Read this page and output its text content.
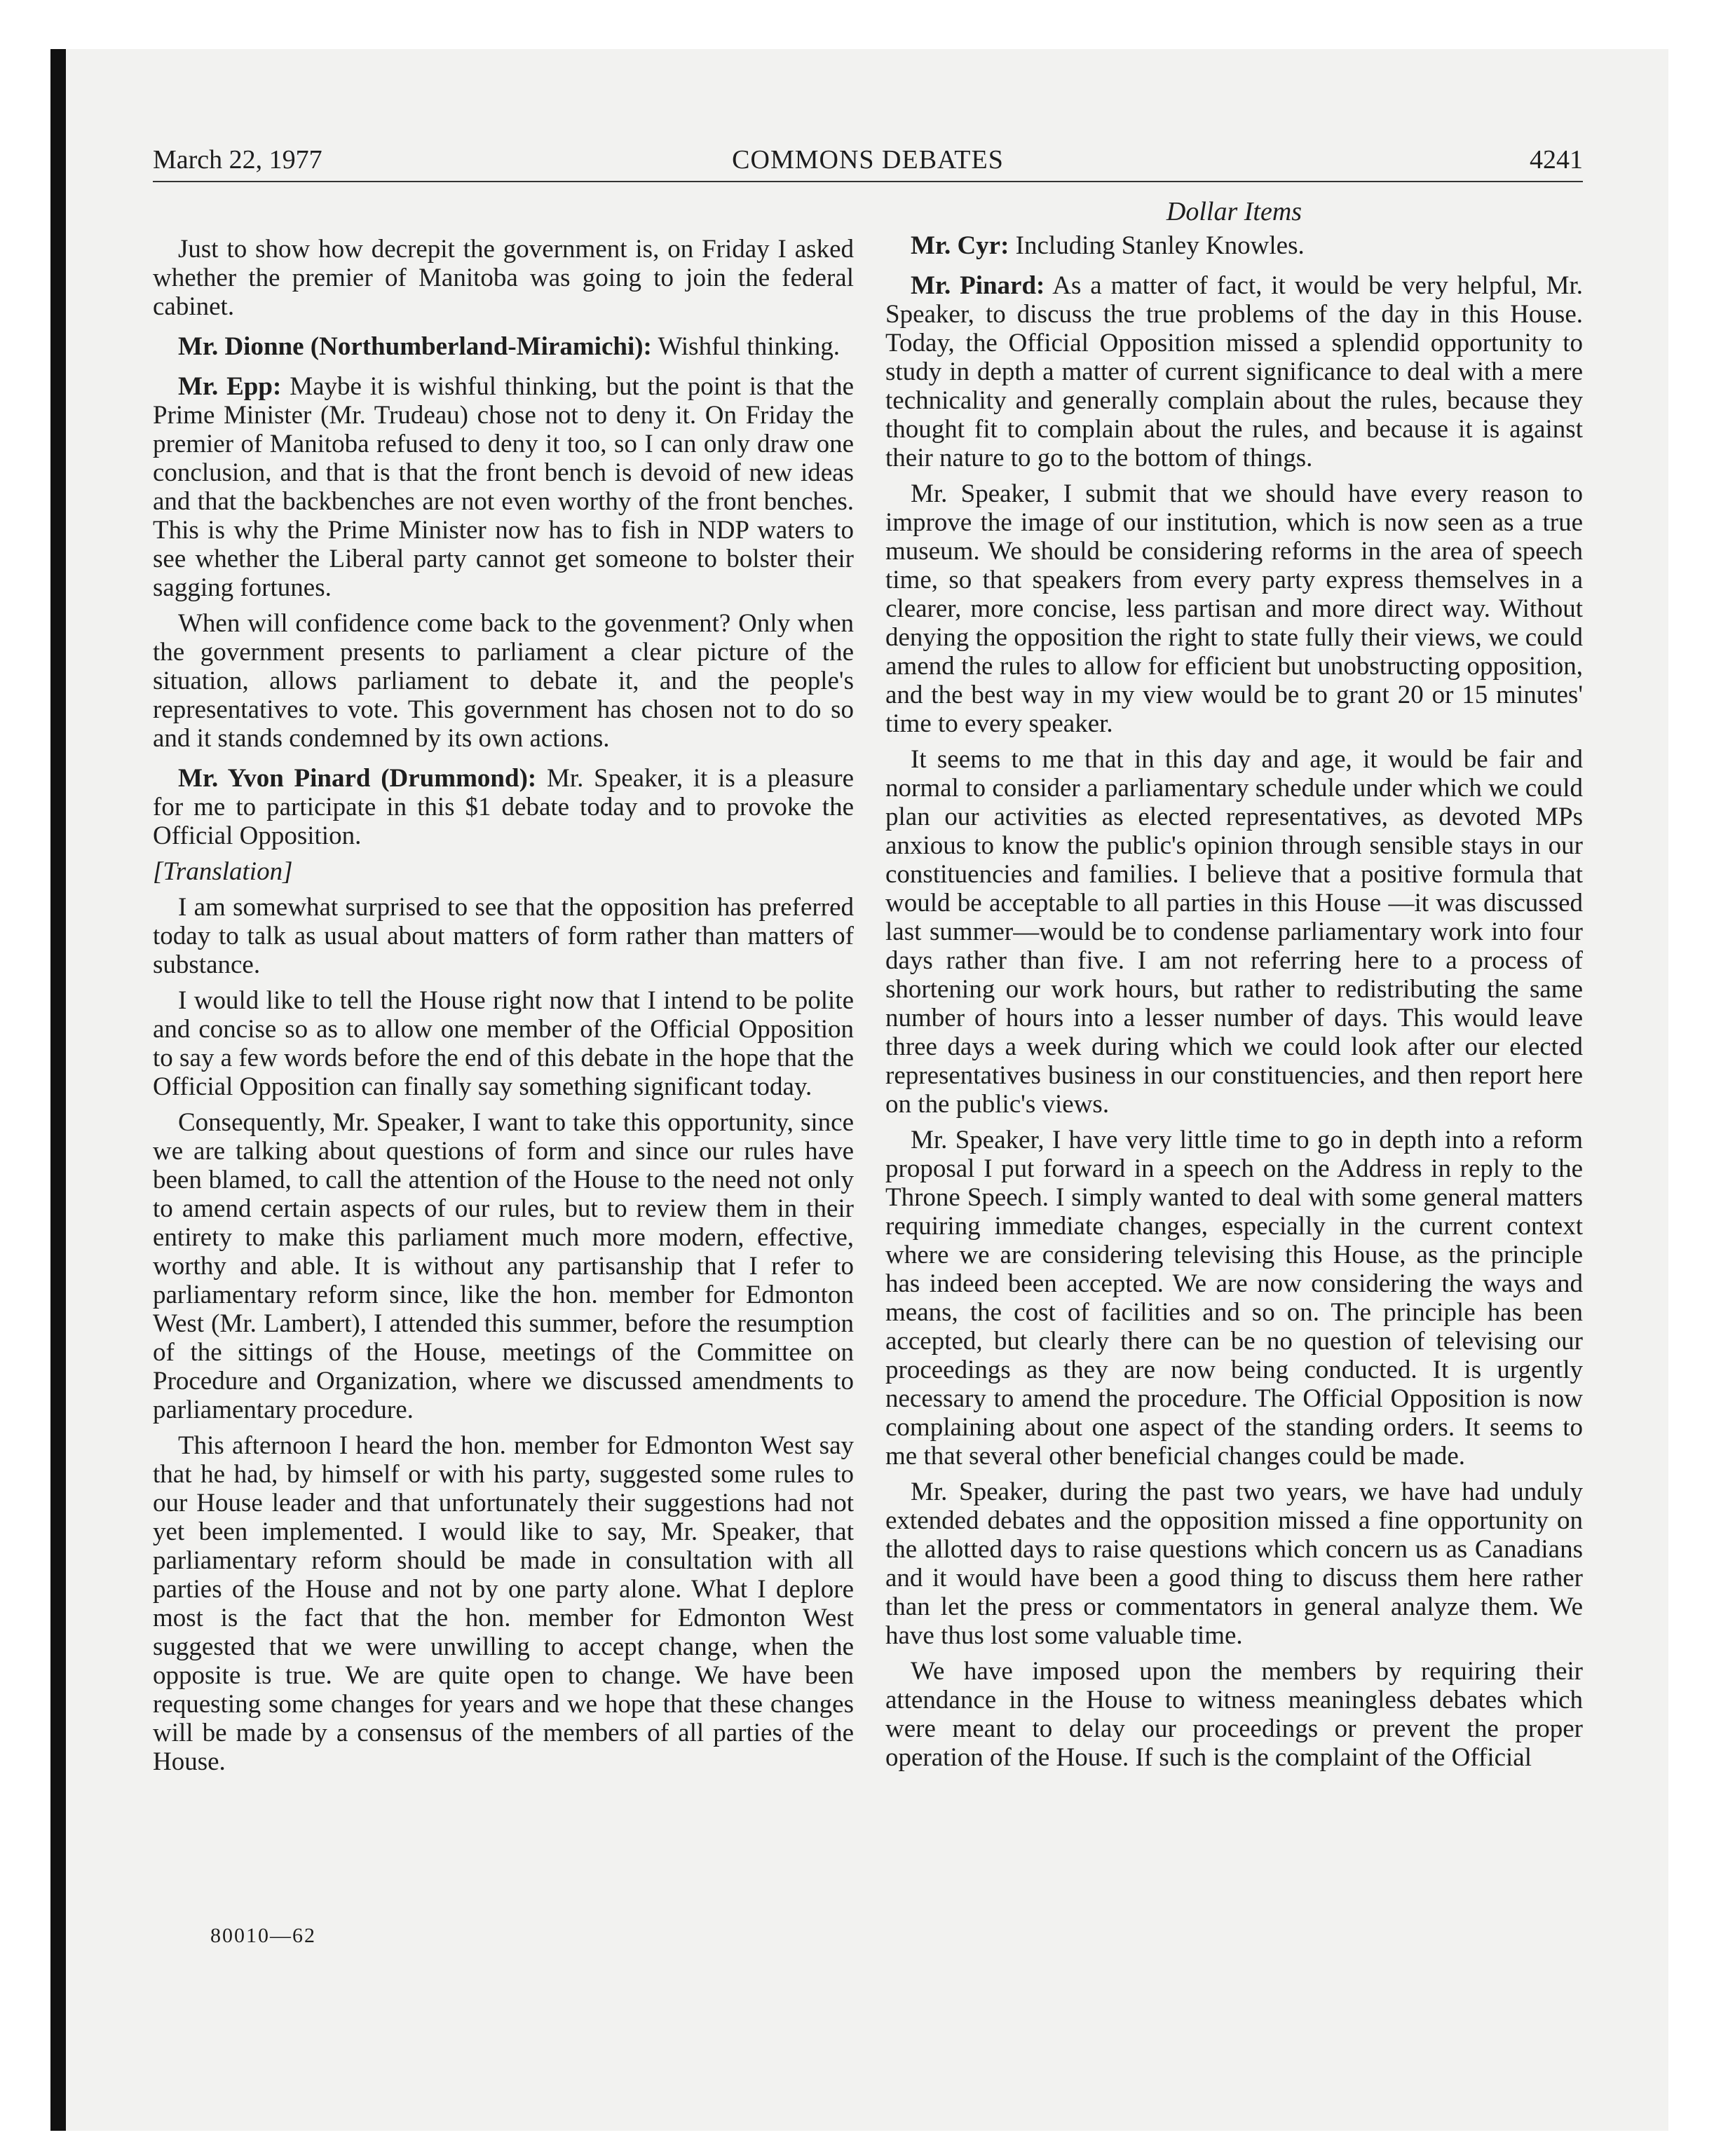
March 22, 1977	COMMONS DEBATES	4241

Just to show how decrepit the government is, on Friday I asked whether the premier of Manitoba was going to join the federal cabinet.

Mr. Dionne (Northumberland-Miramichi): Wishful thinking.

Mr. Epp: Maybe it is wishful thinking, but the point is that the Prime Minister (Mr. Trudeau) chose not to deny it. On Friday the premier of Manitoba refused to deny it too, so I can only draw one conclusion, and that is that the front bench is devoid of new ideas and that the backbenches are not even worthy of the front benches. This is why the Prime Minister now has to fish in NDP waters to see whether the Liberal party cannot get someone to bolster their sagging fortunes.

When will confidence come back to the govenment? Only when the government presents to parliament a clear picture of the situation, allows parliament to debate it, and the people's representatives to vote. This government has chosen not to do so and it stands condemned by its own actions.

Mr. Yvon Pinard (Drummond): Mr. Speaker, it is a pleasure for me to participate in this $1 debate today and to provoke the Official Opposition.

[Translation]

I am somewhat surprised to see that the opposition has preferred today to talk as usual about matters of form rather than matters of substance.

I would like to tell the House right now that I intend to be polite and concise so as to allow one member of the Official Opposition to say a few words before the end of this debate in the hope that the Official Opposition can finally say something significant today.

Consequently, Mr. Speaker, I want to take this opportunity, since we are talking about questions of form and since our rules have been blamed, to call the attention of the House to the need not only to amend certain aspects of our rules, but to review them in their entirety to make this parliament much more modern, effective, worthy and able. It is without any partisanship that I refer to parliamentary reform since, like the hon. member for Edmonton West (Mr. Lambert), I attended this summer, before the resumption of the sittings of the House, meetings of the Committee on Procedure and Organization, where we discussed amendments to parliamentary procedure.

This afternoon I heard the hon. member for Edmonton West say that he had, by himself or with his party, suggested some rules to our House leader and that unfortunately their suggestions had not yet been implemented. I would like to say, Mr. Speaker, that parliamentary reform should be made in consultation with all parties of the House and not by one party alone. What I deplore most is the fact that the hon. member for Edmonton West suggested that we were unwilling to accept change, when the opposite is true. We are quite open to change. We have been requesting some changes for years and we hope that these changes will be made by a consensus of the members of all parties of the House.

Dollar Items

Mr. Cyr: Including Stanley Knowles.

Mr. Pinard: As a matter of fact, it would be very helpful, Mr. Speaker, to discuss the true problems of the day in this House. Today, the Official Opposition missed a splendid opportunity to study in depth a matter of current significance to deal with a mere technicality and generally complain about the rules, because they thought fit to complain about the rules, and because it is against their nature to go to the bottom of things.

Mr. Speaker, I submit that we should have every reason to improve the image of our institution, which is now seen as a true museum. We should be considering reforms in the area of speech time, so that speakers from every party express themselves in a clearer, more concise, less partisan and more direct way. Without denying the opposition the right to state fully their views, we could amend the rules to allow for efficient but unobstructing opposition, and the best way in my view would be to grant 20 or 15 minutes' time to every speaker.

It seems to me that in this day and age, it would be fair and normal to consider a parliamentary schedule under which we could plan our activities as elected representatives, as devoted MPs anxious to know the public's opinion through sensible stays in our constituencies and families. I believe that a positive formula that would be acceptable to all parties in this House —it was discussed last summer—would be to condense parliamentary work into four days rather than five. I am not referring here to a process of shortening our work hours, but rather to redistributing the same number of hours into a lesser number of days. This would leave three days a week during which we could look after our elected representatives business in our constituencies, and then report here on the public's views.

Mr. Speaker, I have very little time to go in depth into a reform proposal I put forward in a speech on the Address in reply to the Throne Speech. I simply wanted to deal with some general matters requiring immediate changes, especially in the current context where we are considering televising this House, as the principle has indeed been accepted. We are now considering the ways and means, the cost of facilities and so on. The principle has been accepted, but clearly there can be no question of televising our proceedings as they are now being conducted. It is urgently necessary to amend the procedure. The Official Opposition is now complaining about one aspect of the standing orders. It seems to me that several other beneficial changes could be made.

Mr. Speaker, during the past two years, we have had unduly extended debates and the opposition missed a fine opportunity on the allotted days to raise questions which concern us as Canadians and it would have been a good thing to discuss them here rather than let the press or commentators in general analyze them. We have thus lost some valuable time.

We have imposed upon the members by requiring their attendance in the House to witness meaningless debates which were meant to delay our proceedings or prevent the proper operation of the House. If such is the complaint of the Official

80010—62
